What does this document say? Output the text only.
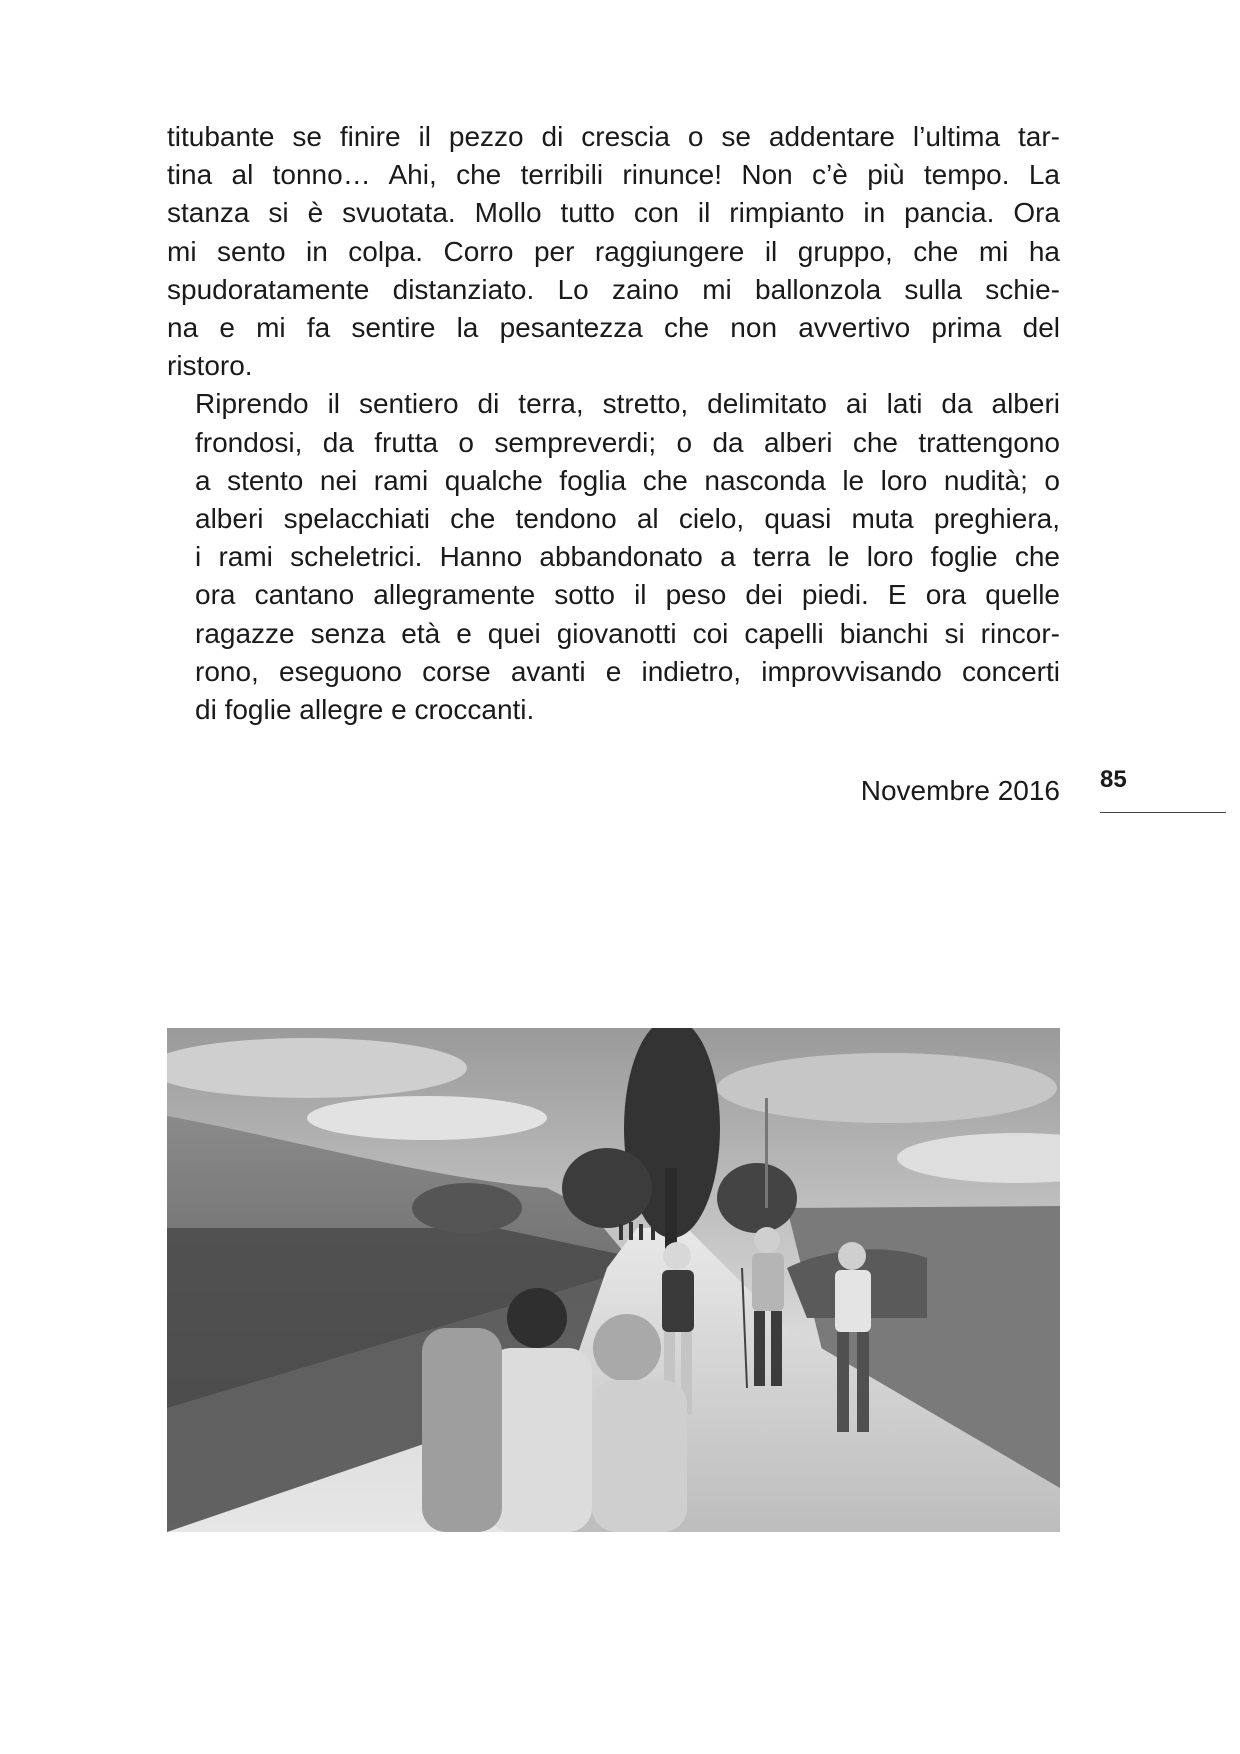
titubante se finire il pezzo di crescia o se addentare l’ultima tar-
tina al tonno… Ahi, che terribili rinunce! Non c’è più tempo. La
stanza si è svuotata. Mollo tutto con il rimpianto in pancia. Ora
mi sento in colpa. Corro per raggiungere il gruppo, che mi ha
spudoratamente distanziato. Lo zaino mi ballonzola sulla schie-
na e mi fa sentire la pesantezza che non avvertivo prima del
ristoro.

Riprendo il sentiero di terra, stretto, delimitato ai lati da alberi
frondosi, da frutta o sempreverdi; o da alberi che trattengono
a stento nei rami qualche foglia che nasconda le loro nudità; o
alberi spelacchiati che tendono al cielo, quasi muta preghiera,
i rami scheletrici. Hanno abbandonato a terra le loro foglie che
ora cantano allegramente sotto il peso dei piedi. E ora quelle
ragazze senza età e quei giovanotti coi capelli bianchi si rincor-
rono, eseguono corse avanti e indietro, improvvisando concerti
di foglie allegre e croccanti.

Novembre 2016 85
